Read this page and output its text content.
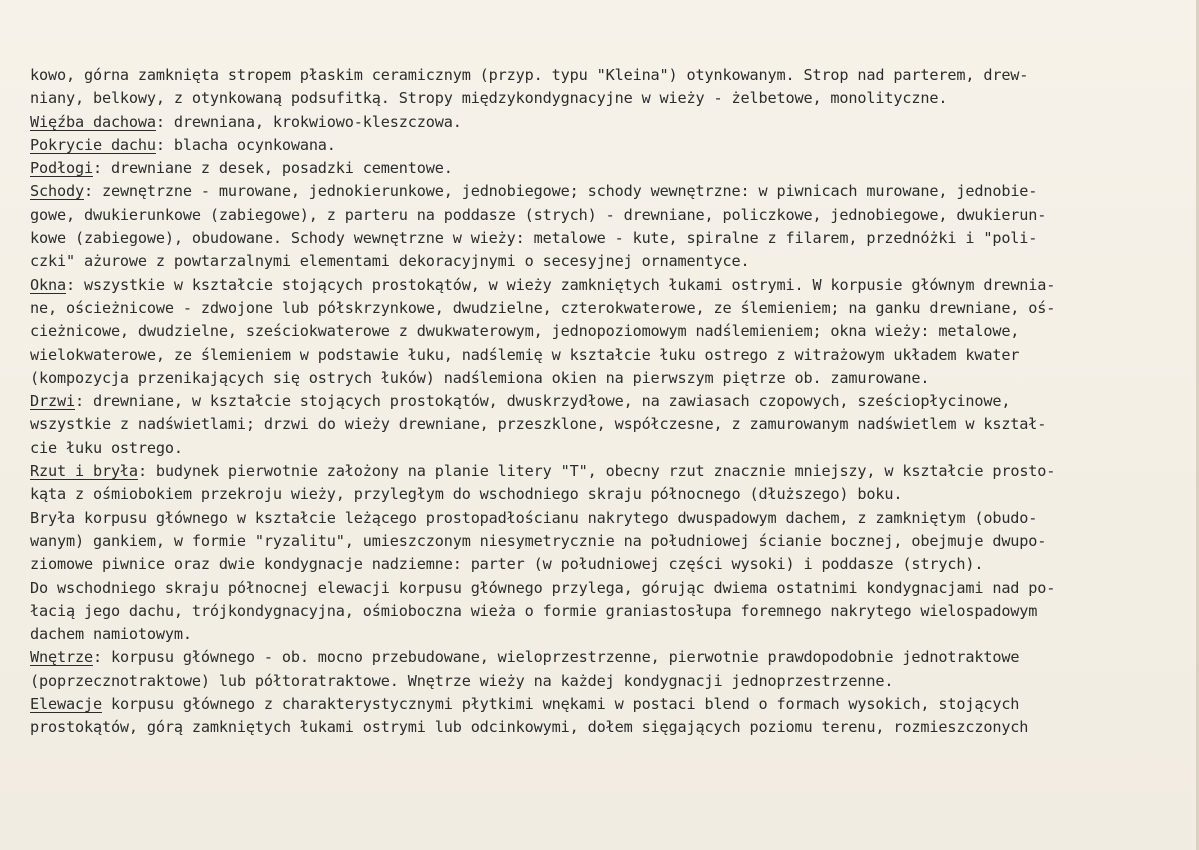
kowo, górna zamknięta stropem płaskim ceramicznym (przyp. typu "Kleina") otynkowanym. Strop nad parterem, drew-
niany, belkowy, z otynkowaną podsufitką. Stropy międzykondygnacyjne w wieży - żelbetowe, monolityczne.
Więźba dachowa: drewniana, krokwiowo-kleszczowa.
Pokrycie dachu: blacha ocynkowana.
Podłogi: drewniane z desek, posadzki cementowe.
Schody: zewnętrzne - murowane, jednokierunkowe, jednobiegowe; schody wewnętrzne: w piwnicach murowane, jednobie-
gowe, dwukierunkowe (zabiegowe), z parteru na poddasze (strych) - drewniane, policzkowe, jednobiegowe, dwukierun-
kowe (zabiegowe), obudowane. Schody wewnętrzne w wieży: metalowe - kute, spiralne z filarem, przednóżki i "poli-
czki" ażurowe z powtarzalnymi elementami dekoracyjnymi o secesyjnej ornamentyce.
Okna: wszystkie w kształcie stojących prostokątów, w wieży zamkniętych łukami ostrymi. W korpusie głównym drewnia-
ne, ościeżnicowe - zdwojone lub półskrzynkowe, dwudzielne, czterokwaterowe, ze ślemieniem; na ganku drewniane, oś-
cieżnicowe, dwudzielne, sześciokwaterowe z dwukwaterowym, jednopoziomowym nadślemieniem; okna wieży: metalowe,
wielokwaterowe, ze ślemieniem w podstawie łuku, nadślemię w kształcie łuku ostrego z witrażowym układem kwater
(kompozycja przenikających się ostrych łuków) nadślemiona okien na pierwszym piętrze ob. zamurowane.
Drzwi: drewniane, w kształcie stojących prostokątów, dwuskrzydłowe, na zawiasach czopowych, sześciopłycinowe,
wszystkie z nadświetlami; drzwi do wieży drewniane, przeszklone, współczesne, z zamurowanym nadświetlem w kształ-
cie łuku ostrego.
Rzut i bryła: budynek pierwotnie założony na planie litery "T", obecny rzut znacznie mniejszy, w kształcie prosto-
kąta z ośmiobokiem przekroju wieży, przyległym do wschodniego skraju północnego (dłuższego) boku.
Bryła korpusu głównego w kształcie leżącego prostopadłościanu nakrytego dwuspadowym dachem, z zamkniętym (obudo-
wanym) gankiem, w formie "ryzalitu", umieszczonym niesymetrycznie na południowej ścianie bocznej, obejmuje dwupo-
ziomowe piwnice oraz dwie kondygnacje nadziemne: parter (w południowej części wysoki) i poddasze (strych).
Do wschodniego skraju północnej elewacji korpusu głównego przylega, górując dwiema ostatnimi kondygnacjami nad po-
łacią jego dachu, trójkondygnacyjna, ośmioboczna wieża o formie graniastosłupa foremnego nakrytego wielospadowym
dachem namiotowym.
Wnętrze: korpusu głównego - ob. mocno przebudowane, wieloprzestrzenne, pierwotnie prawdopodobnie jednotraktowe
(poprzecznotraktowe) lub półtoratraktowe. Wnętrze wieży na każdej kondygnacji jednoprzestrzenne.
Elewacje korpusu głównego z charakterystycznymi płytkimi wnękami w postaci blend o formach wysokich, stojących
prostokątów, górą zamkniętych łukami ostrymi lub odcinkowymi, dołem sięgających poziomu terenu, rozmieszczonych
